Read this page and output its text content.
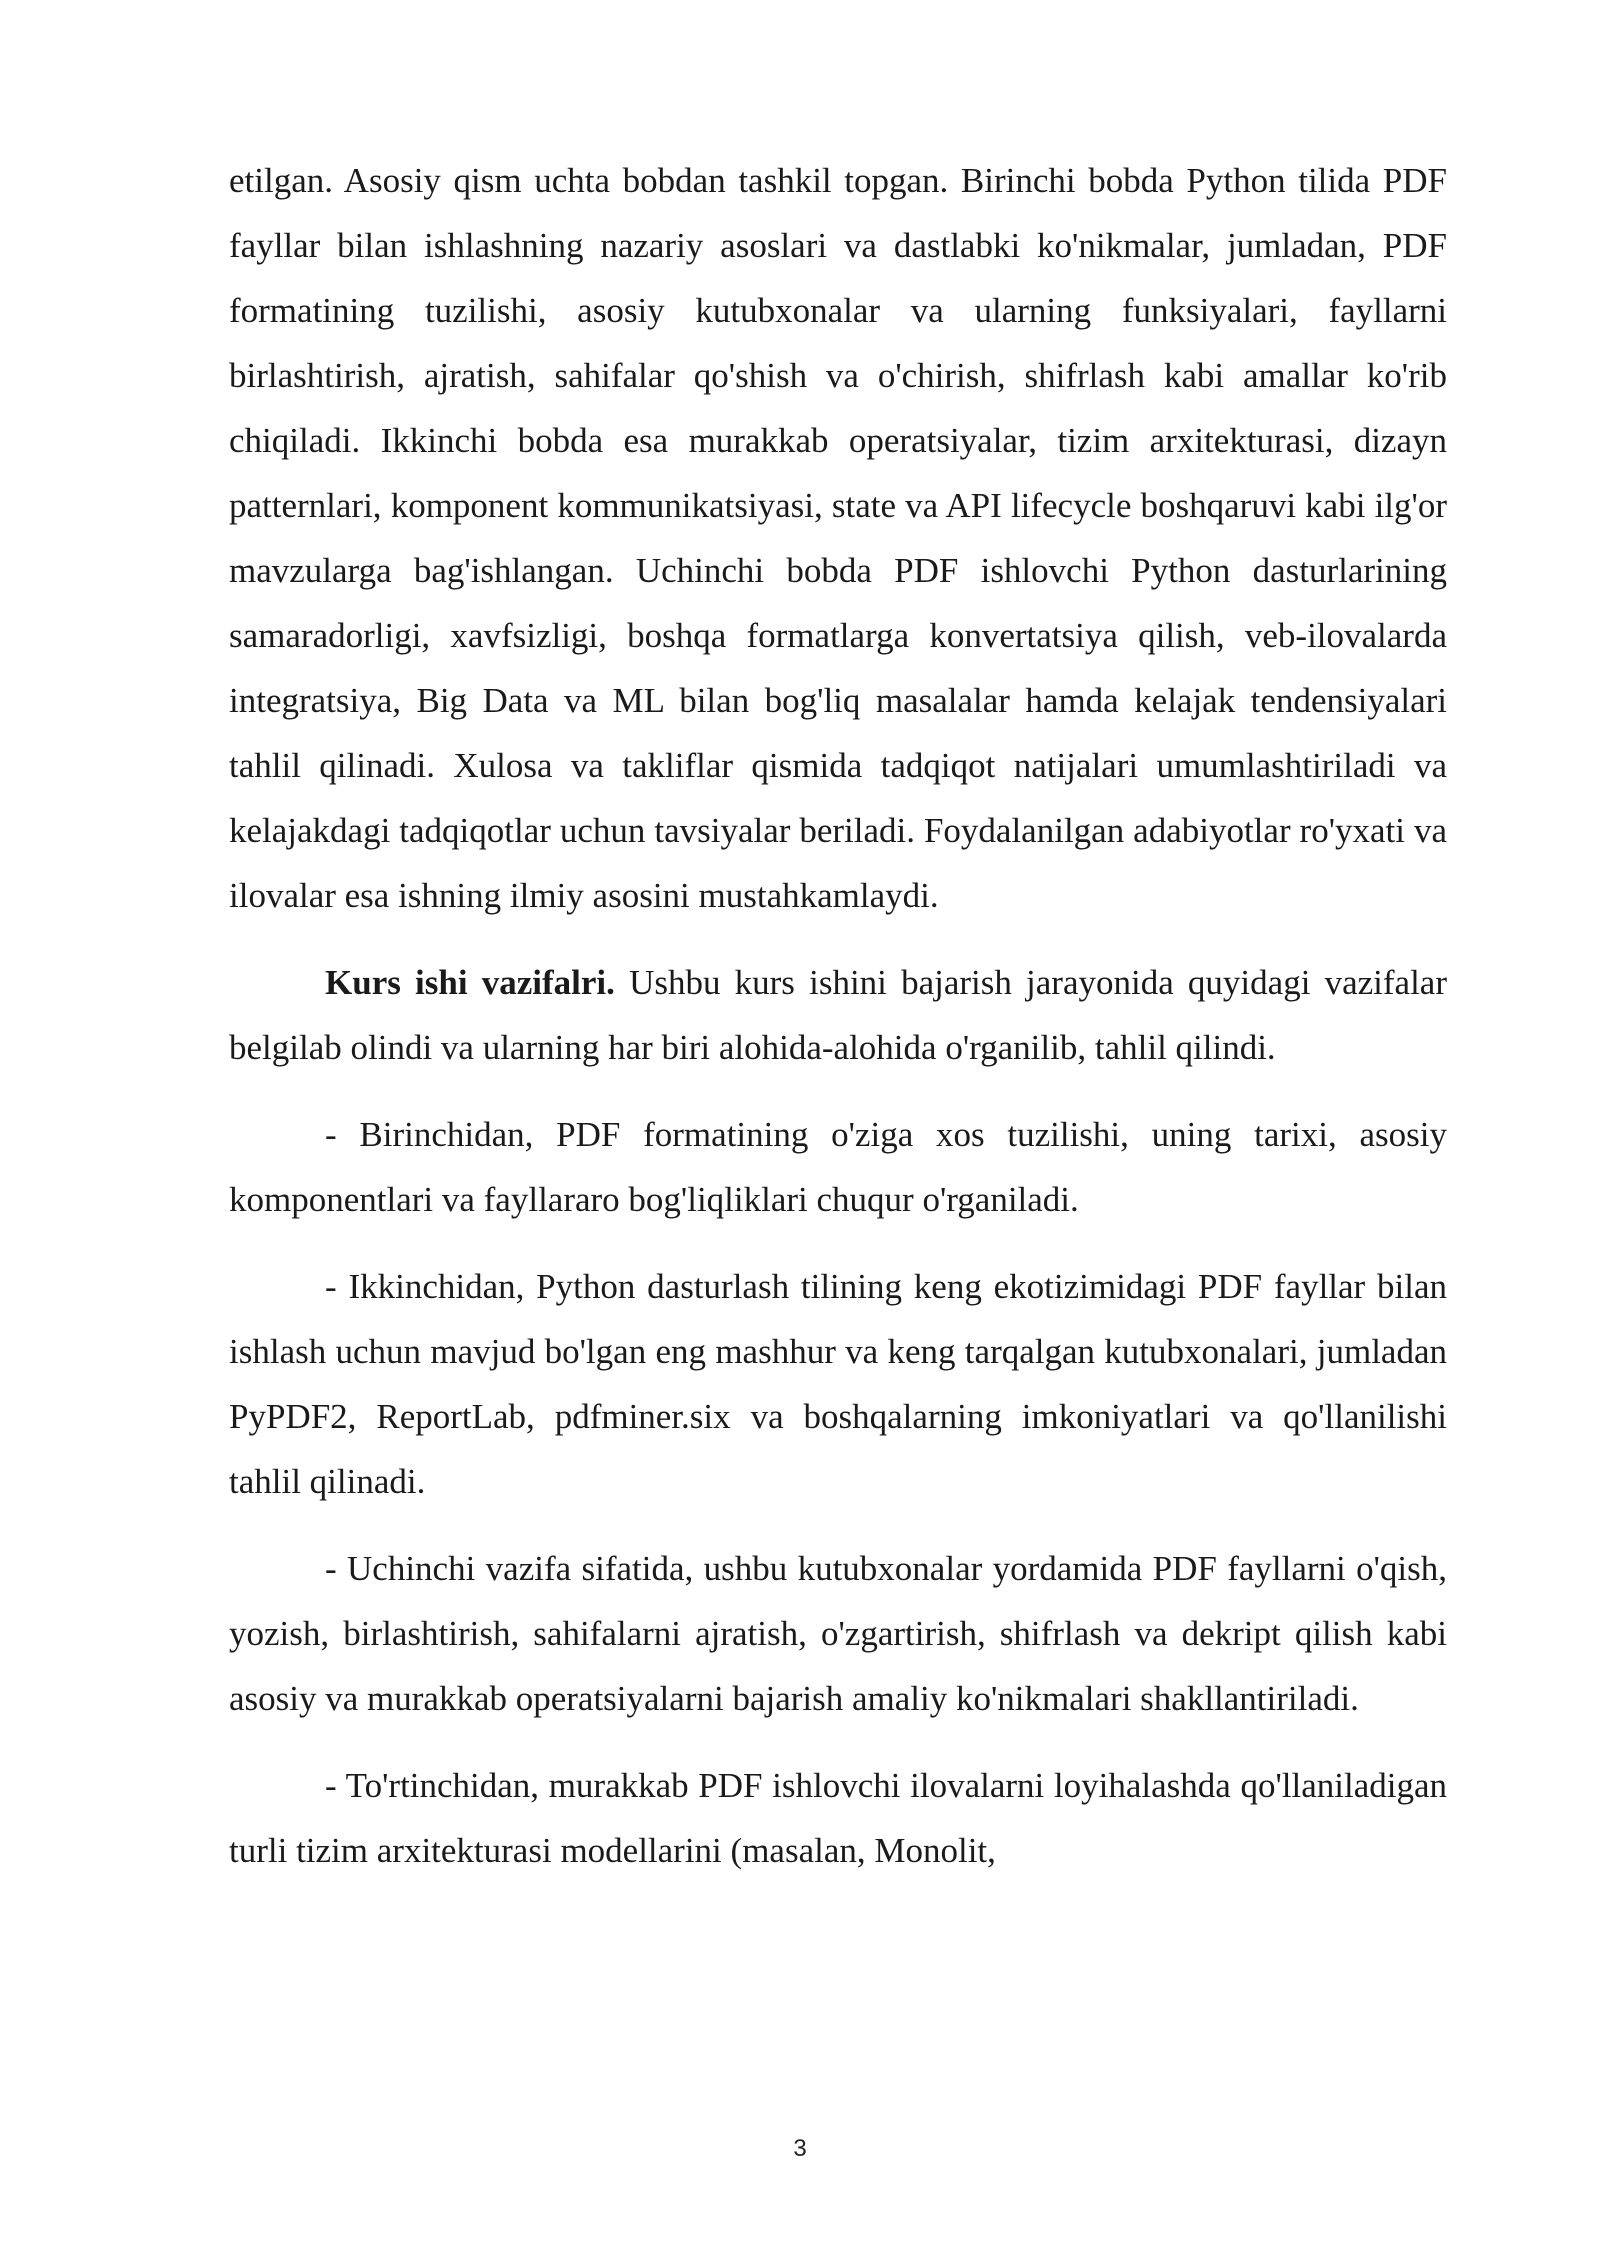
etilgan. Asosiy qism uchta bobdan tashkil topgan. Birinchi bobda Python tilida PDF fayllar bilan ishlashning nazariy asoslari va dastlabki ko'nikmalar, jumladan, PDF formatining tuzilishi, asosiy kutubxonalar va ularning funksiyalari, fayllarni birlashtirish, ajratish, sahifalar qo'shish va o'chirish, shifrlash kabi amallar ko'rib chiqiladi. Ikkinchi bobda esa murakkab operatsiyalar, tizim arxitekturasi, dizayn patternlari, komponent kommunikatsiyasi, state va API lifecycle boshqaruvi kabi ilg'or mavzularga bag'ishlangan. Uchinchi bobda PDF ishlovchi Python dasturlarining samaradorligi, xavfsizligi, boshqa formatlarga konvertatsiya qilish, veb-ilovalarda integratsiya, Big Data va ML bilan bog'liq masalalar hamda kelajak tendensiyalari tahlil qilinadi. Xulosa va takliflar qismida tadqiqot natijalari umumlashtiriladi va kelajakdagi tadqiqotlar uchun tavsiyalar beriladi. Foydalanilgan adabiyotlar ro'yxati va ilovalar esa ishning ilmiy asosini mustahkamlaydi.

Kurs ishi vazifalri. Ushbu kurs ishini bajarish jarayonida quyidagi vazifalar belgilab olindi va ularning har biri alohida-alohida o'rganilib, tahlil qilindi.

- Birinchidan, PDF formatining o'ziga xos tuzilishi, uning tarixi, asosiy komponentlari va fayllararo bog'liqliklari chuqur o'rganiladi.

- Ikkinchidan, Python dasturlash tilining keng ekotizimidagi PDF fayllar bilan ishlash uchun mavjud bo'lgan eng mashhur va keng tarqalgan kutubxonalari, jumladan PyPDF2, ReportLab, pdfminer.six va boshqalarning imkoniyatlari va qo'llanilishi tahlil qilinadi.

- Uchinchi vazifa sifatida, ushbu kutubxonalar yordamida PDF fayllarni o'qish, yozish, birlashtirish, sahifalarni ajratish, o'zgartirish, shifrlash va dekript qilish kabi asosiy va murakkab operatsiyalarni bajarish amaliy ko'nikmalari shakllantiriladi.

- To'rtinchidan, murakkab PDF ishlovchi ilovalarni loyihalashda qo'llaniladigan turli tizim arxitekturasi modellarini (masalan, Monolit,

3
